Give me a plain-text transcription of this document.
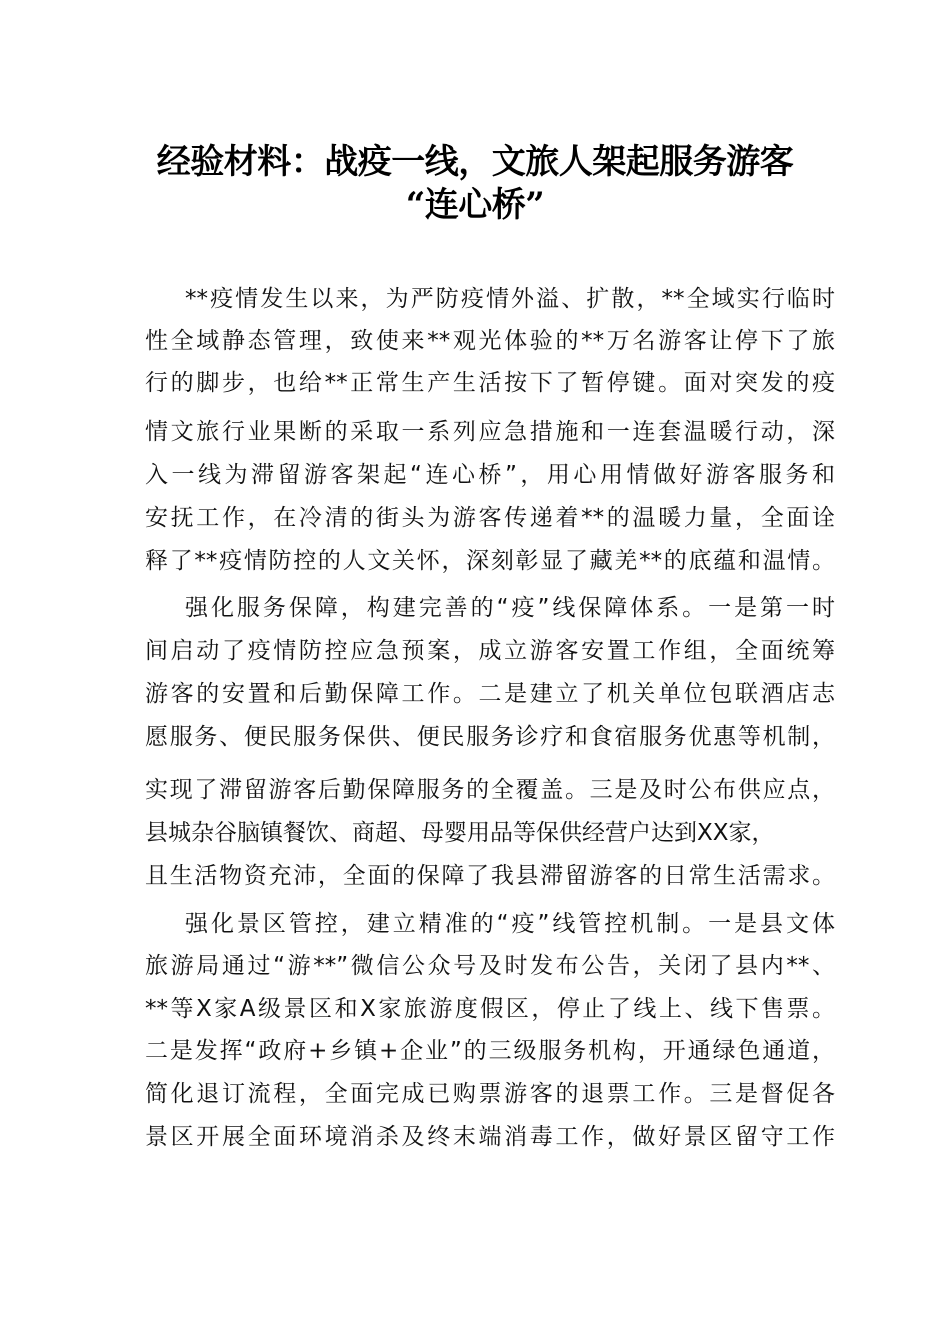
经验材料：战疫一线，文旅人架起服务游客
“连心桥”
**疫情发生以来，为严防疫情外溢、扩散，**全域实行临时
性全域静态管理，致使来**观光体验的**万名游客让停下了旅
行的脚步，也给**正常生产生活按下了暂停键。面对突发的疫
情文旅行业果断的采取一系列应急措施和一连套温暖行动，深
入一线为滞留游客架起“连心桥”，用心用情做好游客服务和
安抚工作，在冷清的街头为游客传递着**的温暖力量，全面诠
释了**疫情防控的人文关怀，深刻彰显了藏羌**的底蕴和温情。
强化服务保障，构建完善的“疫”线保障体系。一是第一时
间启动了疫情防控应急预案，成立游客安置工作组，全面统筹
游客的安置和后勤保障工作。二是建立了机关单位包联酒店志
愿服务、便民服务保供、便民服务诊疗和食宿服务优惠等机制，
实现了滞留游客后勤保障服务的全覆盖。三是及时公布供应点，
县城杂谷脑镇餐饮、商超、母婴用品等保供经营户达到XX家，
且生活物资充沛，全面的保障了我县滞留游客的日常生活需求。
强化景区管控，建立精准的“疫”线管控机制。一是县文体
旅游局通过“游**”微信公众号及时发布公告，关闭了县内**、
**等X家A级景区和X家旅游度假区，停止了线上、线下售票。
二是发挥“政府+乡镇+企业”的三级服务机构，开通绿色通道，
简化退订流程，全面完成已购票游客的退票工作。三是督促各
景区开展全面环境消杀及终末端消毒工作，做好景区留守工作
